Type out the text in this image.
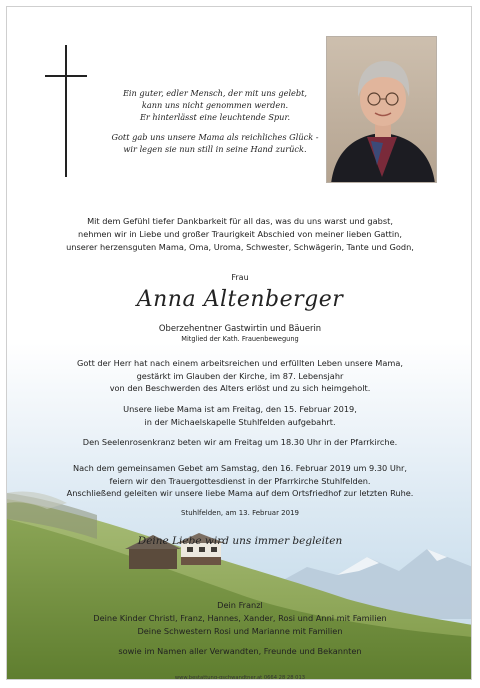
Ein guter, edler Mensch, der mit uns gelebt,

kann uns nicht genommen werden.

Er hinterlässt eine leuchtende Spur.

Gott gab uns unsere Mama als reichliches Glück -

wir legen sie nun still in seine Hand zurück.

Mit dem Gefühl tiefer Dankbarkeit für all das, was du uns warst und gabst,

nehmen wir in Liebe und großer Traurigkeit Abschied von meiner lieben Gattin,

unserer herzensguten Mama, Oma, Uroma, Schwester, Schwägerin, Tante und Godn,

Frau
Anna Altenberger
Oberzehentner Gastwirtin und Bäuerin
Mitglied der Kath. Frauenbewegung

Gott der Herr hat nach einem arbeitsreichen und erfüllten Leben unsere Mama,

gestärkt im Glauben der Kirche, im 87. Lebensjahr

von den Beschwerden des Alters erlöst und zu sich heimgeholt.

Unsere liebe Mama ist am Freitag, den 15. Februar 2019,

in der Michaelskapelle Stuhlfelden aufgebahrt.

Den Seelenrosenkranz beten wir am Freitag um 18.30 Uhr in der Pfarrkirche.

Nach dem gemeinsamen Gebet am Samstag, den 16. Februar 2019 um 9.30 Uhr,

feiern wir den Trauergottesdienst in der Pfarrkirche Stuhlfelden.

Anschließend geleiten wir unsere liebe Mama auf dem Ortsfriedhof zur letzten Ruhe.

Stuhlfelden, am 13. Februar 2019
Deine Liebe wird uns immer begleiten

Dein Franzl

Deine Kinder Christl, Franz, Hannes, Xander, Rosi und Anni mit Familien

Deine Schwestern Rosi und Marianne mit Familien

sowie im Namen aller Verwandten, Freunde und Bekannten

www.bestattung-gschwandtner.at 0664 28 28 013
